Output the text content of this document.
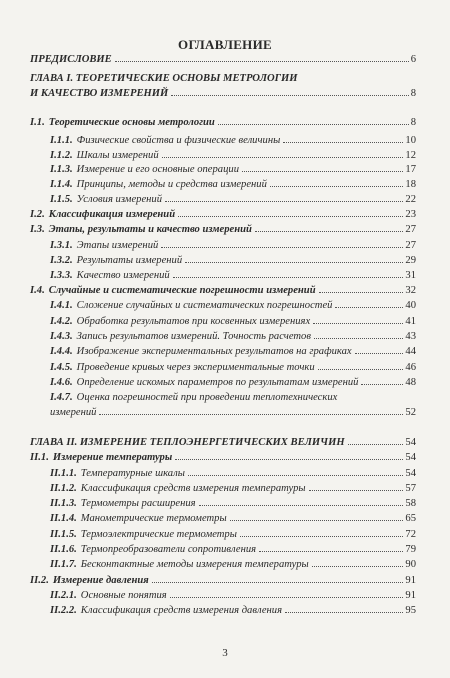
ОГЛАВЛЕНИЕ
ПРЕДИСЛОВИЕ	6
ГЛАВА I. ТЕОРЕТИЧЕСКИЕ ОСНОВЫ МЕТРОЛОГИИ
И КАЧЕСТВО ИЗМЕРЕНИЙ	8
I.1. Теоретические основы метрологии	8
I.1.1. Физические свойства и физические величины	10
I.1.2. Шкалы измерений	12
I.1.3. Измерение и его основные операции	17
I.1.4. Принципы, методы и средства измерений	18
I.1.5. Условия измерений	22
I.2. Классификация измерений	23
I.3. Этапы, результаты и качество измерений	27
I.3.1. Этапы измерений	27
I.3.2. Результаты измерений	29
I.3.3. Качество измерений	31
I.4. Случайные и систематические погрешности измерений	32
I.4.1. Сложение случайных и систематических погрешностей	40
I.4.2. Обработка результатов при косвенных измерениях	41
I.4.3. Запись результатов измерений. Точность расчетов	43
I.4.4. Изображение экспериментальных результатов на графиках	44
I.4.5. Проведение кривых через экспериментальные точки	46
I.4.6. Определение искомых параметров по результатам измерений	48
I.4.7. Оценка погрешностей при проведении теплотехнических
измерений	52
ГЛАВА II. ИЗМЕРЕНИЕ ТЕПЛОЭНЕРГЕТИЧЕСКИХ ВЕЛИЧИН	54
II.1. Измерение температуры	54
II.1.1. Температурные шкалы	54
II.1.2. Классификация средств измерения температуры	57
II.1.3. Термометры расширения	58
II.1.4. Манометрические термометры	65
II.1.5. Термоэлектрические термометры	72
II.1.6. Термопреобразователи сопротивления	79
II.1.7. Бесконтактные методы измерения температуры	90
II.2. Измерение давления	91
II.2.1. Основные понятия	91
II.2.2. Классификация средств измерения давления	95
3
